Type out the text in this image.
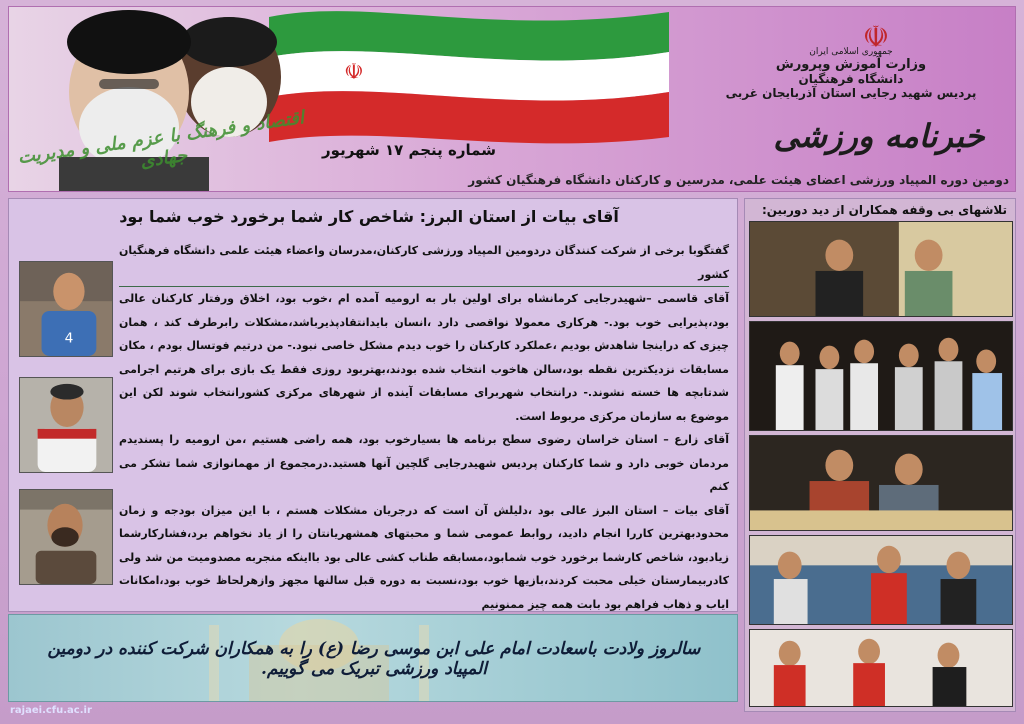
☫
اقتصاد و فرهنگ با عزم ملی و مدیریت جهادی
☫
جمهوری اسلامی ایران
وزارت آموزش وپرورش
دانشگاه فرهنگیان
پردیس شهید رجایی استان آذربایجان غربی
خبرنامه ورزشی
شماره پنجم ۱۷ شهریور
دومین دوره المپیاد ورزشی اعضای هیئت علمی، مدرسین و کارکنان دانشگاه فرهنگیان کشور
آقای بیات از استان البرز: شاخص کار شما برخورد خوب شما بود

گفتگوبا برخی از شرکت کنندگان دردومین المپیاد ورزشی کارکنان،مدرسان واعضاء هیئت علمی دانشگاه فرهنگیان کشور

آقای قاسمی –شهیدرجایی کرمانشاه برای اولین بار به ارومیه آمده ام ،خوب بود، اخلاق ورفتار کارکنان عالی بود،پذیرایی خوب بود.- هرکاری معمولا نواقصی دارد ،انسان بایدانتقادپذیرباشد،مشکلات رابرطرف کند ، همان چیزی که دراینجا شاهدش بودیم ،عملکرد کارکنان را خوب دیدم مشکل خاصی نبود.- من درتیم فوتسال بودم ، مکان مسابقات نزدیکترین نقطه بود،سالن هاخوب انتخاب شده بودند،بهتربود روزی فقط یک بازی برای هرتیم اجرامی شدتابچه ها خسته نشوند.- درانتخاب شهربرای مسابقات آینده از شهرهای مرکزی کشورانتخاب شوند لکن این موضوع به سازمان مرکزی مربوط است.

آقای زارع – استان خراسان رضوی سطح برنامه ها بسیارخوب بود، همه راضی هستیم ،من ارومیه را پسندیدم مردمان خوبی دارد و شما کارکنان پردیس شهیدرجایی گلچین آنها هستید.درمجموع از مهمانوازی شما تشکر می کنم

آقای بیات – استان البرز عالی بود ،دلیلش آن است که درجریان مشکلات هستم ، با این میزان بودجه و زمان محدودبهترین کاررا انجام دادید، روابط عمومی شما و محبتهای همشهریانتان را از یاد نخواهم برد،فشارکارشما زیادبود، شاخص کارشما برخورد خوب شمابود،مسابقه طناب کشی عالی بود بااینکه منجربه مصدومیت من شد ولی کادربیمارستان خیلی محبت کردند،بازیها خوب بود،نسبت به دوره قبل سالنها مجهز وازهرلحاظ خوب بود،امکانات ایاب و ذهاب فراهم بود بابت همه چیز ممنونیم

4
تلاشهای بی وقفه همکاران از دید دوربین:
سالروز ولادت باسعادت امام علی ابن موسی رضا (ع) را به همکاران شرکت کننده در دومین المپیاد ورزشی تبریک می گوییم.
rajaei.cfu.ac.ir
